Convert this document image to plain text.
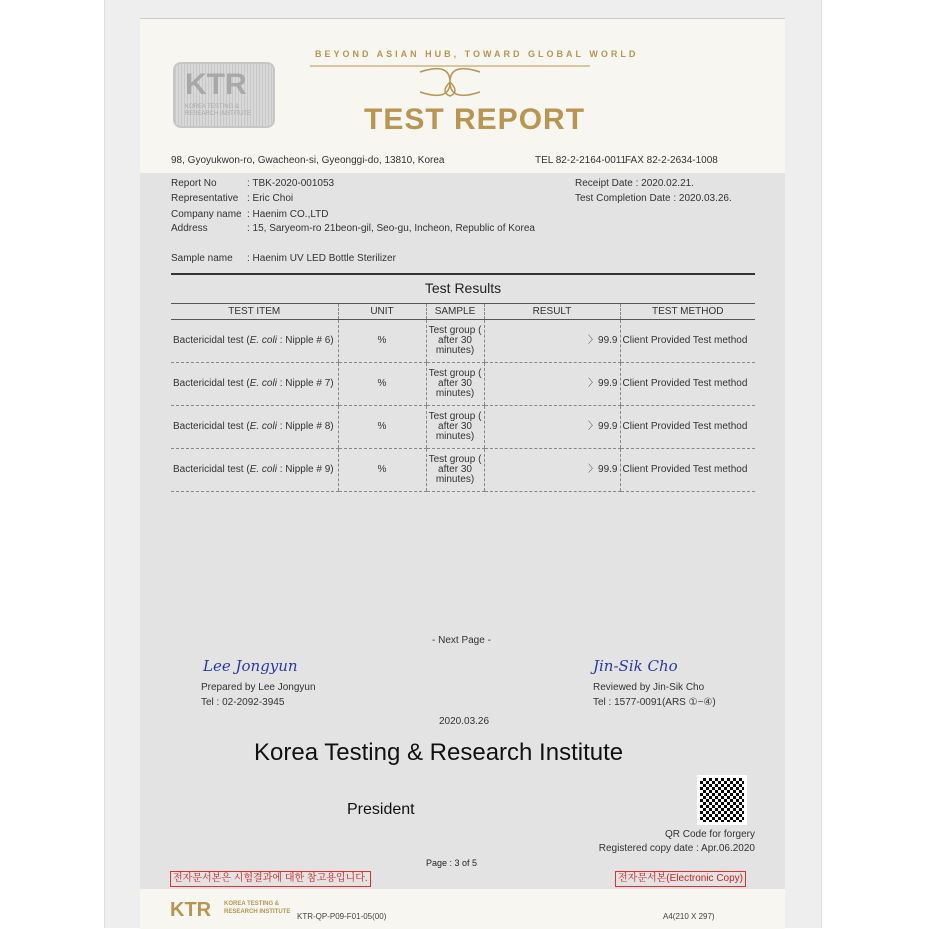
KTR
KOREA TESTING & RESEARCH INSTITUTE
BEYOND ASIAN HUB, TOWARD GLOBAL WORLD
TEST REPORT
98, Gyoyukwon-ro, Gwacheon-si, Gyeonggi-do, 13810, Korea	TEL 82-2-2164-0011
FAX 82-2-2634-1008
Report No	: TBK-2020-001053
Representative : Eric Choi
Company name : Haenim CO.,LTD
Address	: 15, Saryeom-ro 21beon-gil, Seo-gu, Incheon, Republic of Korea
Sample name : Haenim UV LED Bottle Sterilizer
Receipt Date : 2020.02.21.
Test Completion Date : 2020.03.26.
Test Results
TEST ITEM	UNIT	SAMPLE	RESULT	TEST METHOD
Bactericidal test (E. coli : Nipple # 6)	%	Test group ( after 30 minutes)	〉99.9	Client Provided Test method
Bactericidal test (E. coli : Nipple # 7)	%	Test group ( after 30 minutes)	〉99.9	Client Provided Test method
Bactericidal test (E. coli : Nipple # 8)	%	Test group ( after 30 minutes)	〉99.9	Client Provided Test method
Bactericidal test (E. coli : Nipple # 9)	%	Test group ( after 30 minutes)	〉99.9	Client Provided Test method
- Next Page -
Lee Jongyun
Prepared by Lee Jongyun
Tel : 02-2092-3945
Jin-Sik Cho
Reviewed by Jin-Sik Cho
Tel : 1577-0091(ARS ①~④)
2020.03.26
Korea Testing & Research Institute
President
QR Code for forgery
Registered copy date : Apr.06.2020
Page : 3 of 5
전자문서본은 시험결과에 대한 참고용입니다.	전자문서본(Electronic Copy)
KTR KOREA TESTING & RESEARCH INSTITUTE KTR-QP-P09-F01-05(00)	A4(210 X 297)
